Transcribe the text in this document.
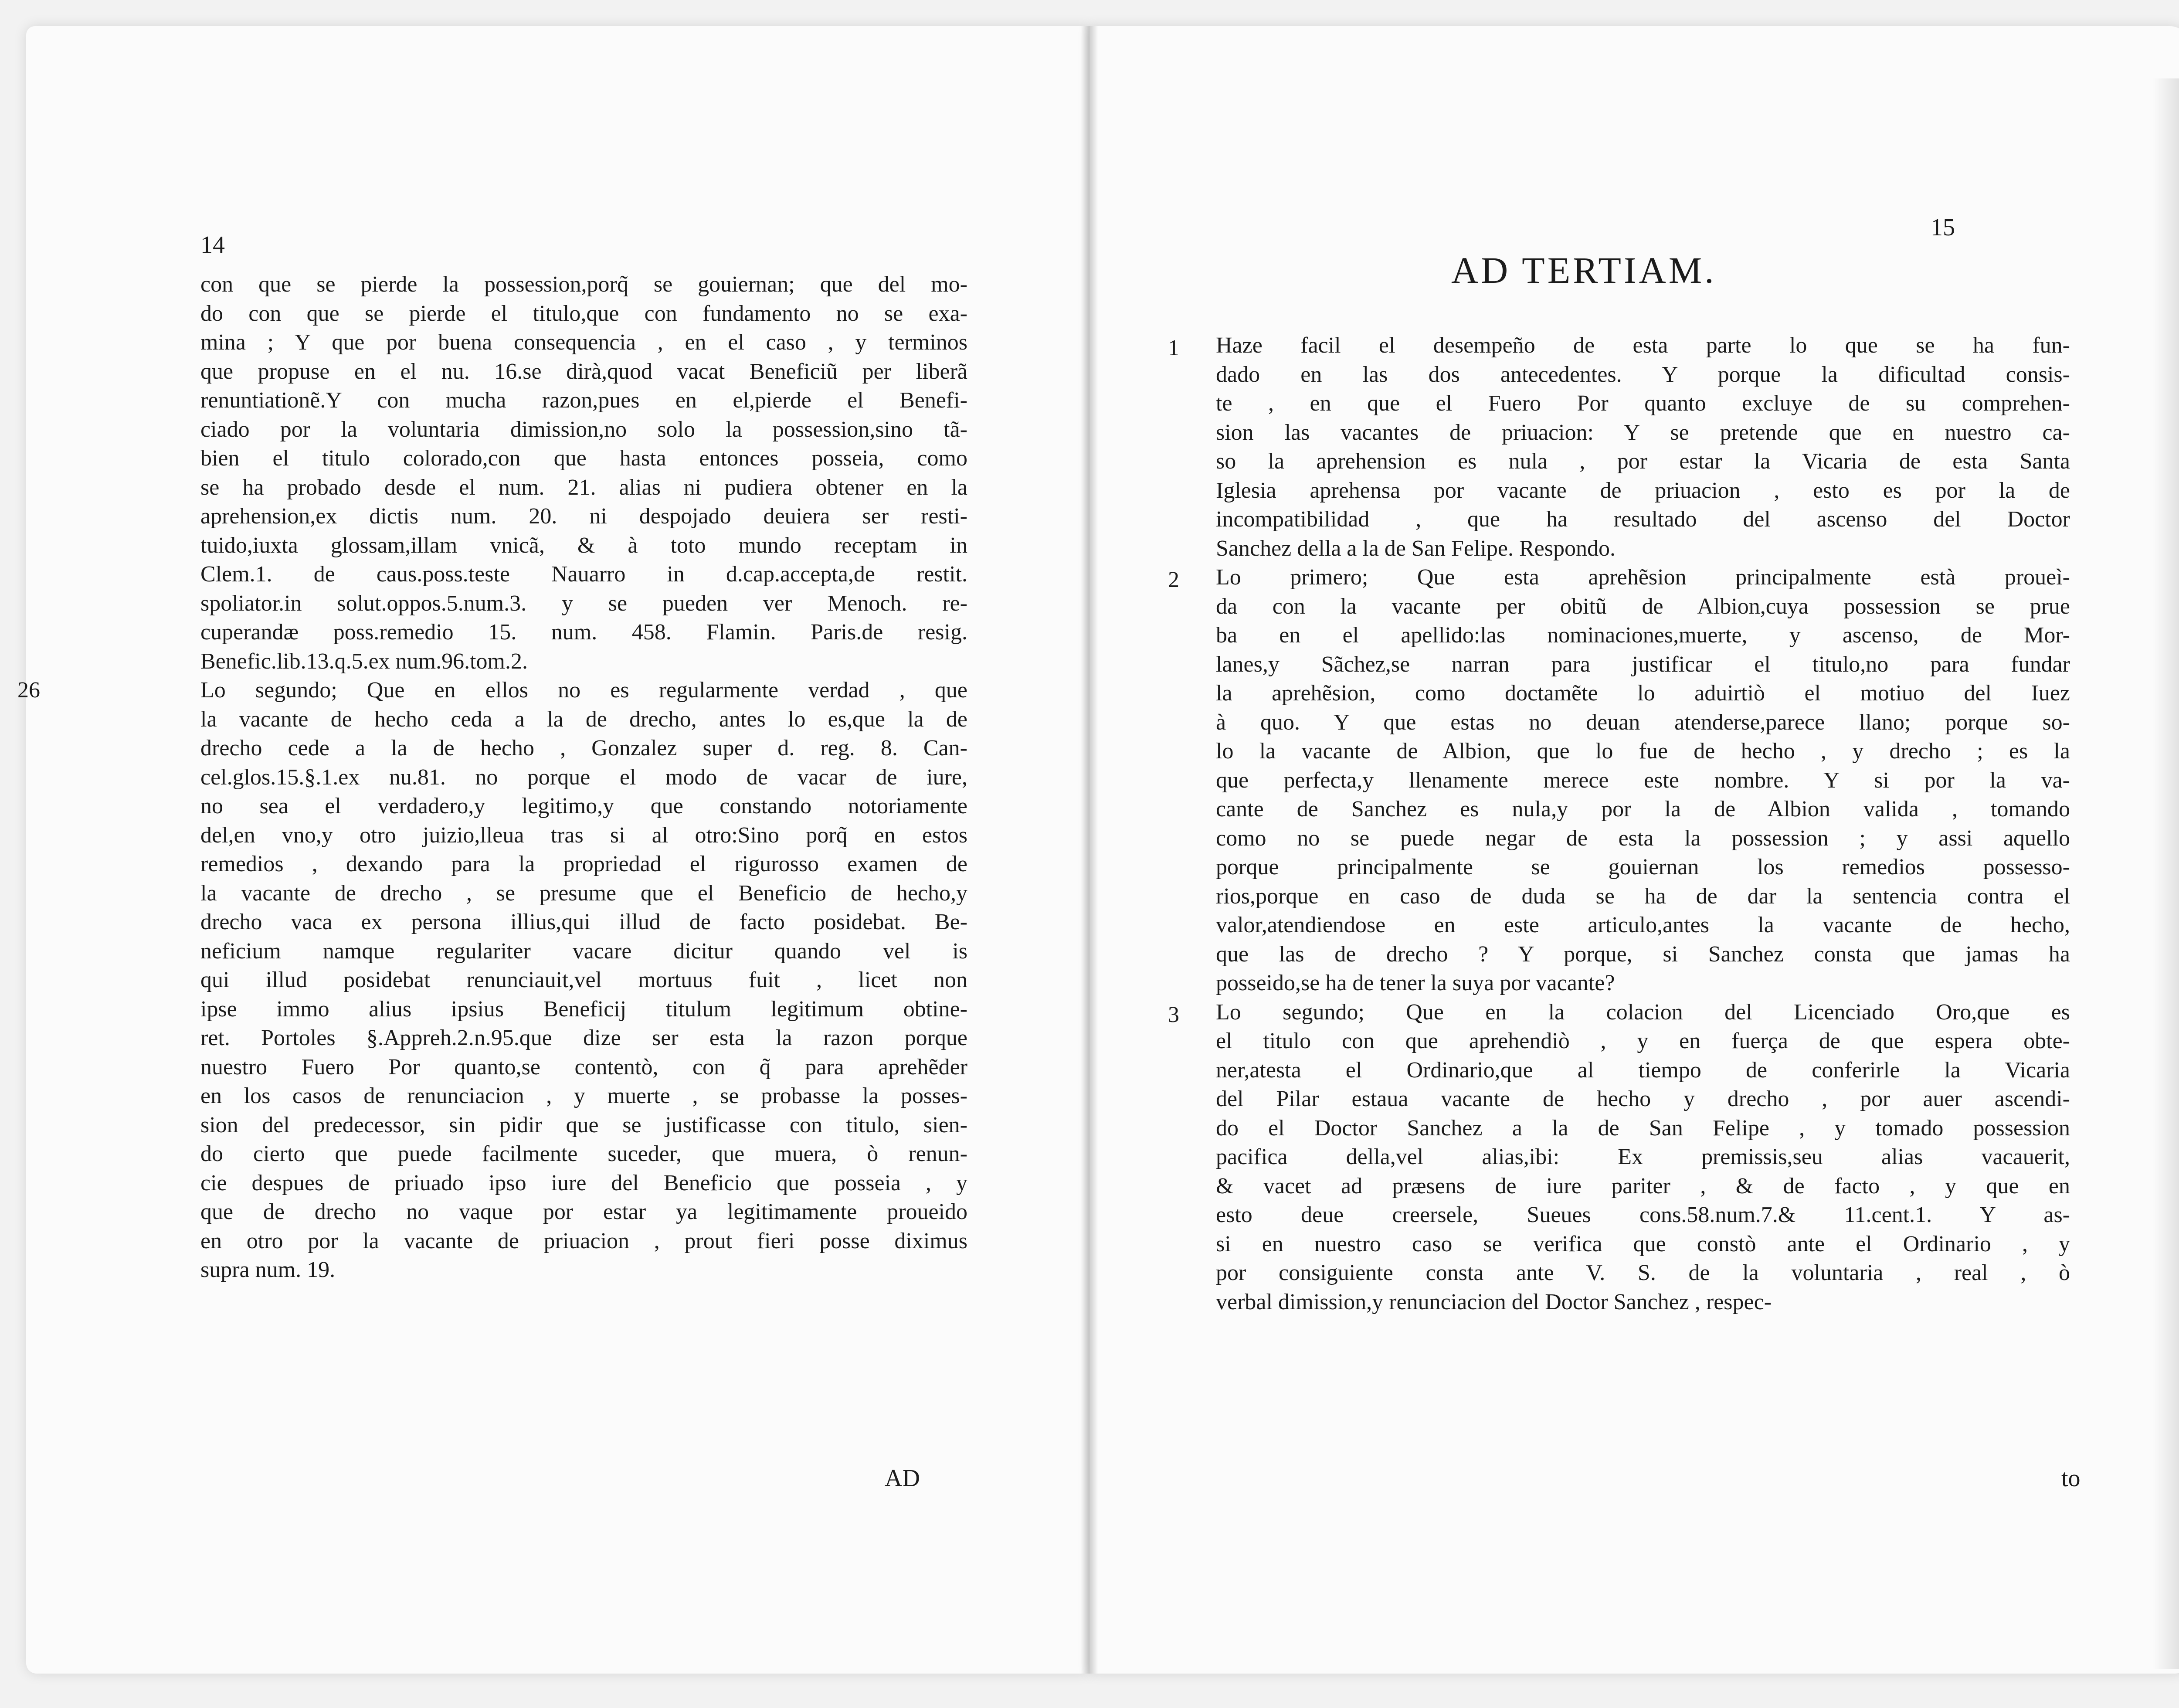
14
con que se pierde la possession,porq̃ se gouiernan; que del mo-
do con que se pierde el titulo,que con fundamento no se exa-
mina ; Y que por buena consequencia , en el caso , y terminos
que propuse en el nu. 16.se dirà,quod vacat Beneficiũ per liberã
renuntiationẽ.Y con mucha razon,pues en el,pierde el Benefi-
ciado por la voluntaria dimission,no solo la possession,sino tã-
bien el titulo colorado,con que hasta entonces posseia, como
se ha probado desde el num. 21. alias ni pudiera obtener en la
aprehension,ex dictis num. 20. ni despojado deuiera ser resti-
tuido,iuxta glossam,illam vnicã, & à toto mundo receptam in
Clem.1. de caus.poss.teste Nauarro in d.cap.accepta,de restit.
spoliator.in solut.oppos.5.num.3. y se pueden ver Menoch. re-
cuperandæ poss.remedio 15. num. 458. Flamin. Paris.de resig.
Benefic.lib.13.q.5.ex num.96.tom.2.
Lo segundo; Que en ellos no es regularmente verdad , que
26
la vacante de hecho ceda a la de drecho, antes lo es,que la de
drecho cede a la de hecho , Gonzalez super d. reg. 8. Can-
cel.glos.15.§.1.ex nu.81. no porque el modo de vacar de iure,
no sea el verdadero,y legitimo,y que constando notoriamente
del,en vno,y otro juizio,lleua tras si al otro:Sino porq̃ en estos
remedios , dexando para la propriedad el rigurosso examen de
la vacante de drecho , se presume que el Beneficio de hecho,y
drecho vaca ex persona illius,qui illud de facto posidebat. Be-
neficium namque regulariter vacare dicitur quando vel is
qui illud posidebat renunciauit,vel mortuus fuit , licet non
ipse immo alius ipsius Beneficij titulum legitimum obtine-
ret. Portoles §.Appreh.2.n.95.que dize ser esta la razon porque
nuestro Fuero Por quanto,se contentò, con q̃ para aprehẽder
en los casos de renunciacion , y muerte , se probasse la posses-
sion del predecessor, sin pidir que se justificasse con titulo, sien-
do cierto que puede facilmente suceder, que muera, ò renun-
cie despues de priuado ipso iure del Beneficio que posseia , y
que de drecho no vaque por estar ya legitimamente proueido
en otro por la vacante de priuacion , prout fieri posse diximus
supra num. 19.
AD
15
AD TERTIAM.
Haze facil el desempeño de esta parte lo que se ha fun-
1
dado en las dos antecedentes. Y porque la dificultad consis-
te , en que el Fuero Por quanto excluye de su comprehen-
sion las vacantes de priuacion: Y se pretende que en nuestro ca-
so la aprehension es nula , por estar la Vicaria de esta Santa
Iglesia aprehensa por vacante de priuacion , esto es por la de
incompatibilidad , que ha resultado del ascenso del Doctor
Sanchez della a la de San Felipe. Respondo.
Lo primero; Que esta aprehẽsion principalmente està proueì-
2
da con la vacante per obitũ de Albion,cuya possession se prue
ba en el apellido:las nominaciones,muerte, y ascenso, de Mor-
lanes,y Sãchez,se narran para justificar el titulo,no para fundar
la aprehẽsion, como doctamẽte lo aduirtiò el motiuo del Iuez
à quo. Y que estas no deuan atenderse,parece llano; porque so-
lo la vacante de Albion, que lo fue de hecho , y drecho ; es la
que perfecta,y llenamente merece este nombre. Y si por la va-
cante de Sanchez es nula,y por la de Albion valida , tomando
como no se puede negar de esta la possession ; y assi aquello
porque principalmente se gouiernan los remedios possesso-
rios,porque en caso de duda se ha de dar la sentencia contra el
valor,atendiendose en este articulo,antes la vacante de hecho,
que las de drecho ? Y porque, si Sanchez consta que jamas ha
posseido,se ha de tener la suya por vacante?
Lo segundo; Que en la colacion del Licenciado Oro,que es
3
el titulo con que aprehendiò , y en fuerça de que espera obte-
ner,atesta el Ordinario,que al tiempo de conferirle la Vicaria
del Pilar estaua vacante de hecho y drecho , por auer ascendi-
do el Doctor Sanchez a la de San Felipe , y tomado possession
pacifica della,vel alias,ibi: Ex premissis,seu alias vacauerit,
& vacet ad præsens de iure pariter , & de facto , y que en
esto deue creersele, Sueues cons.58.num.7.& 11.cent.1. Y as-
si en nuestro caso se verifica que constò ante el Ordinario , y
por consiguiente consta ante V. S. de la voluntaria , real , ò
verbal dimission,y renunciacion del Doctor Sanchez , respec-
to
